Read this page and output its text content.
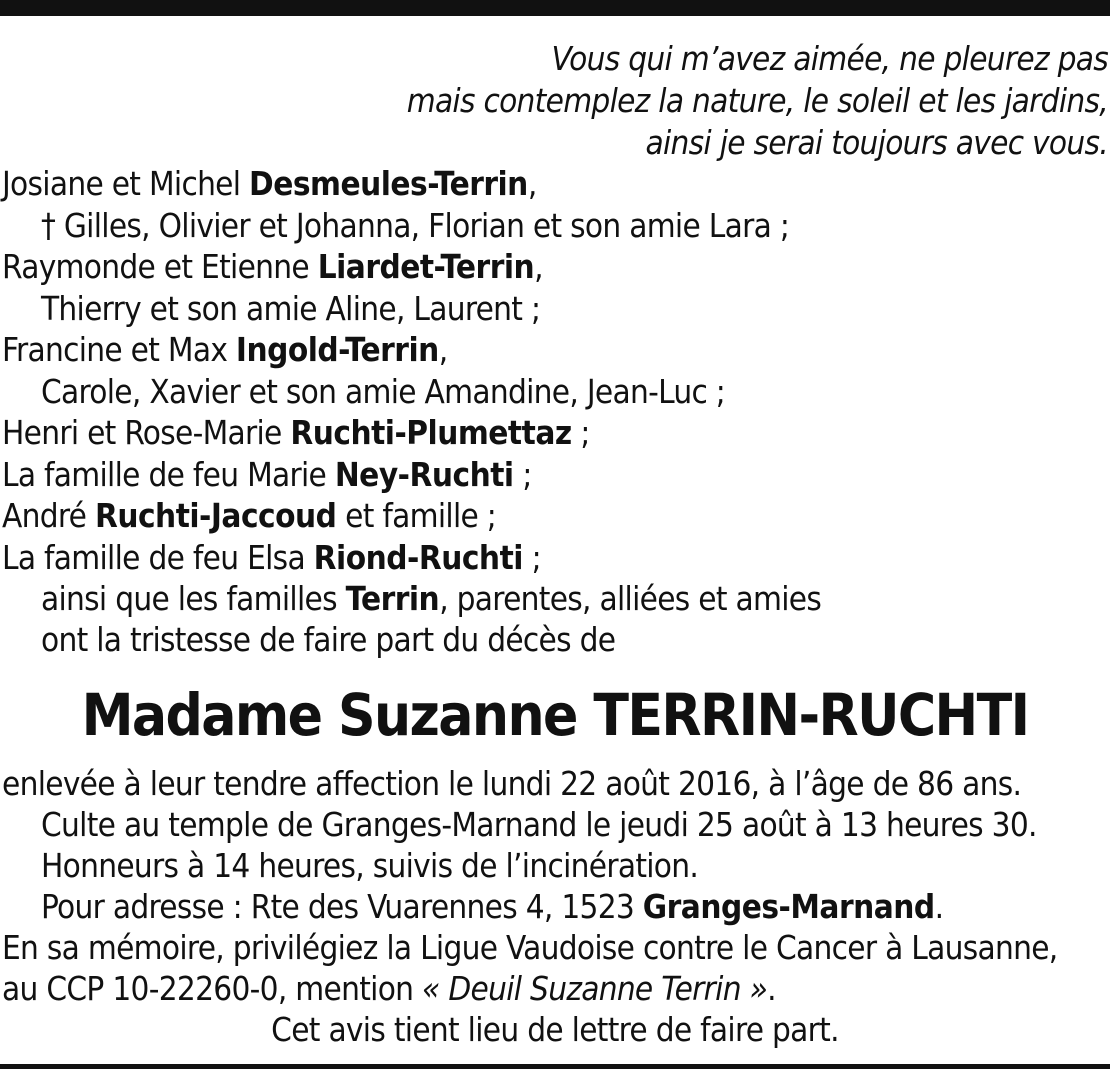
Vous qui m’avez aimée, ne pleurez pas
mais contemplez la nature, le soleil et les jardins,
ainsi je serai toujours avec vous.
Josiane et Michel Desmeules-Terrin,
† Gilles, Olivier et Johanna, Florian et son amie Lara ;
Raymonde et Etienne Liardet-Terrin,
Thierry et son amie Aline, Laurent ;
Francine et Max Ingold-Terrin,
Carole, Xavier et son amie Amandine, Jean-Luc ;
Henri et Rose-Marie Ruchti-Plumettaz ;
La famille de feu Marie Ney-Ruchti ;
André Ruchti-Jaccoud et famille ;
La famille de feu Elsa Riond-Ruchti ;
ainsi que les familles Terrin, parentes, alliées et amies
ont la tristesse de faire part du décès de
Madame Suzanne TERRIN-RUCHTI
enlevée à leur tendre affection le lundi 22 août 2016, à l’âge de 86 ans.
Culte au temple de Granges-Marnand le jeudi 25 août à 13 heures 30.
Honneurs à 14 heures, suivis de l’incinération.
Pour adresse : Rte des Vuarennes 4, 1523 Granges-Marnand.
En sa mémoire, privilégiez la Ligue Vaudoise contre le Cancer à Lausanne,
au CCP 10-22260-0, mention « Deuil Suzanne Terrin ».
Cet avis tient lieu de lettre de faire part.
